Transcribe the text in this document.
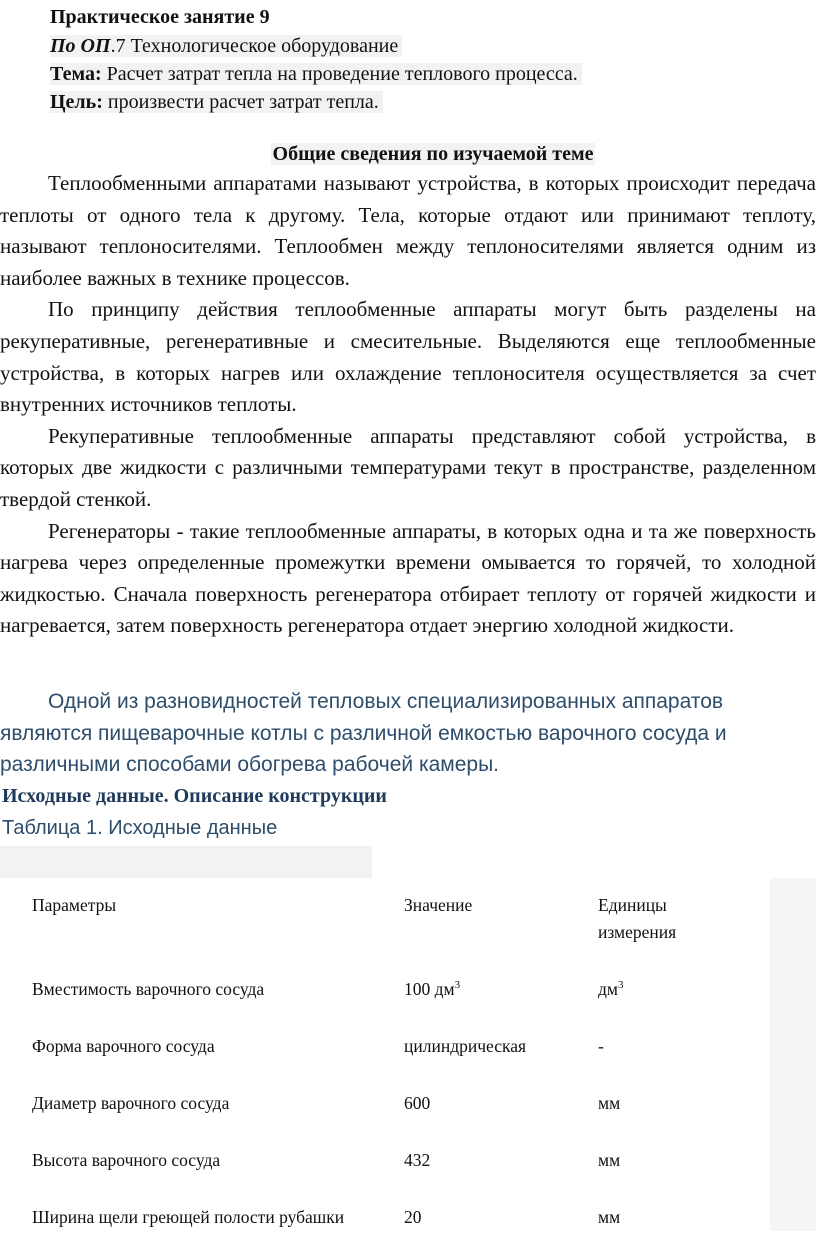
Практическое занятие 9
По ОП.7 Технологическое оборудование
Тема: Расчет затрат тепла на проведение теплового процесса.
Цель: произвести расчет затрат тепла.
Общие сведения по изучаемой теме

Теплообменными аппаратами называют устройства, в которых происходит передача теплоты от одного тела к другому. Тела, которые отдают или принимают теплоту, называют теплоносителями. Теплообмен между теплоносителями является одним из наиболее важных в технике процессов.

По принципу действия теплообменные аппараты могут быть разделены на рекуперативные, регенеративные и смесительные. Выделяются еще теплообменные устройства, в которых нагрев или охлаждение теплоносителя осуществляется за счет внутренних источников теплоты.

Рекуперативные теплообменные аппараты представляют собой устройства, в которых две жидкости с различными температурами текут в пространстве, разделенном твердой стенкой.

Регенераторы - такие теплообменные аппараты, в которых одна и та же поверхность нагрева через определенные промежутки времени омывается то горячей, то холодной жидкостью. Сначала поверхность регенератора отбирает теплоту от горячей жидкости и нагревается, затем поверхность регенератора отдает энергию холодной жидкости.

Одной из разновидностей тепловых специализированных аппаратов являются пищеварочные котлы с различной емкостью варочного сосуда и различными способами обогрева рабочей камеры.

Исходные данные. Описание конструкции
Таблица 1. Исходные данные
Параметры	Значение	Единицы измерения
Вместимость варочного сосуда	100 $дм^3$	$дм^3$
Форма варочного сосуда	цилиндрическая	-
Диаметр варочного сосуда	600	мм
Высота варочного сосуда	432	мм
Ширина щели греющей полости рубашки	20	мм
